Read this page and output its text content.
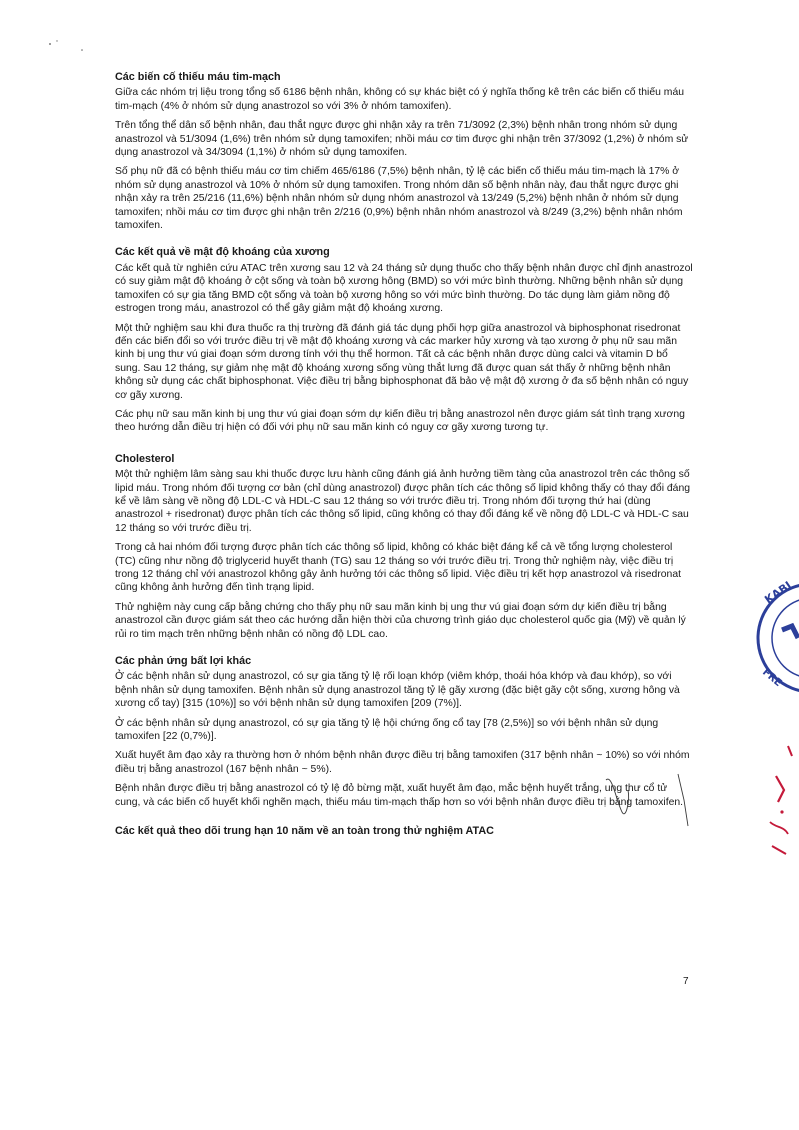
Các biến cố thiếu máu tim-mạch

Giữa các nhóm trị liệu trong tổng số 6186 bệnh nhân, không có sự khác biệt có ý nghĩa thống kê trên các biến cố thiếu máu tim-mạch (4% ở nhóm sử dụng anastrozol so với 3% ở nhóm tamoxifen).

Trên tổng thể dân số bệnh nhân, đau thắt ngực được ghi nhận xảy ra trên 71/3092 (2,3%) bệnh nhân trong nhóm sử dụng anastrozol và 51/3094 (1,6%) trên nhóm sử dụng tamoxifen; nhồi máu cơ tim được ghi nhận trên 37/3092 (1,2%) ở nhóm sử dụng anastrozol và 34/3094 (1,1%) ở nhóm sử dụng tamoxifen.

Số phụ nữ đã có bệnh thiếu máu cơ tim chiếm 465/6186 (7,5%) bệnh nhân, tỷ lệ các biến cố thiếu máu tim-mạch là 17% ở nhóm sử dụng anastrozol và 10% ở nhóm sử dụng tamoxifen. Trong nhóm dân số bệnh nhân này, đau thắt ngực được ghi nhận xảy ra trên 25/216 (11,6%) bệnh nhân nhóm sử dụng nhóm anastrozol và 13/249 (5,2%) bệnh nhân ở nhóm sử dụng tamoxifen; nhồi máu cơ tim được ghi nhận trên 2/216 (0,9%) bệnh nhân nhóm anastrozol và 8/249 (3,2%) bệnh nhân nhóm tamoxifen.

Các kết quả về mật độ khoáng của xương

Các kết quả từ nghiên cứu ATAC trên xương sau 12 và 24 tháng sử dụng thuốc cho thấy bệnh nhân được chỉ định anastrozol có suy giảm mật độ khoáng ở cột sống và toàn bộ xương hông (BMD) so với mức bình thường. Những bệnh nhân sử dụng tamoxifen có sự gia tăng BMD cột sống và toàn bộ xương hông so với mức bình thường. Do tác dụng làm giảm nồng độ estrogen trong máu, anastrozol có thể gây giảm mật độ khoáng xương.

Một thử nghiệm sau khi đưa thuốc ra thị trường đã đánh giá tác dụng phối hợp giữa anastrozol và biphosphonat risedronat đến các biến đổi so với trước điều trị về mật độ khoáng xương và các marker hủy xương và tạo xương ở phụ nữ sau mãn kinh bị ung thư vú giai đoạn sớm dương tính với thụ thể hormon. Tất cả các bệnh nhân được dùng calci và vitamin D bổ sung. Sau 12 tháng, sự giảm nhẹ mật độ khoáng xương sống vùng thắt lưng đã được quan sát thấy ở những bệnh nhân không sử dụng các chất biphosphonat. Việc điều trị bằng biphosphonat đã bảo vệ mật độ xương ở đa số bệnh nhân có nguy cơ gãy xương.

Các phụ nữ sau mãn kinh bị ung thư vú giai đoạn sớm dự kiến điều trị bằng anastrozol nên được giám sát tình trạng xương theo hướng dẫn điều trị hiện có đối với phụ nữ sau mãn kinh có nguy cơ gãy xương tương tự.

Cholesterol

Một thử nghiệm lâm sàng sau khi thuốc được lưu hành cũng đánh giá ảnh hưởng tiềm tàng của anastrozol trên các thông số lipid máu. Trong nhóm đối tượng cơ bản (chỉ dùng anastrozol) được phân tích các thông số lipid không thấy có thay đổi đáng kể về lâm sàng về nồng độ LDL-C và HDL-C sau 12 tháng so với trước điều trị. Trong nhóm đối tượng thứ hai (dùng anastrozol + risedronat) được phân tích các thông số lipid, cũng không có thay đổi đáng kể về nồng độ LDL-C và HDL-C sau 12 tháng so với trước điều trị.

Trong cả hai nhóm đối tượng được phân tích các thông số lipid, không có khác biệt đáng kể cả về tổng lượng cholesterol (TC) cũng như nồng độ triglycerid huyết thanh (TG) sau 12 tháng so với trước điều trị. Trong thử nghiệm này, việc điều trị trong 12 tháng chỉ với anastrozol không gây ảnh hưởng tới các thông số lipid. Việc điều trị kết hợp anastrozol và risedronat cũng không ảnh hưởng đến tình trạng lipid.

Thử nghiệm này cung cấp bằng chứng cho thấy phụ nữ sau mãn kinh bị ung thư vú giai đoạn sớm dự kiến điều trị bằng anastrozol cần được giám sát theo các hướng dẫn hiện thời của chương trình giáo dục cholesterol quốc gia (Mỹ) về quản lý rủi ro tim mạch trên những bệnh nhân có nồng độ LDL cao.

Các phản ứng bất lợi khác

Ở các bệnh nhân sử dụng anastrozol, có sự gia tăng tỷ lệ rối loạn khớp (viêm khớp, thoái hóa khớp và đau khớp), so với bệnh nhân sử dụng tamoxifen. Bệnh nhân sử dụng anastrozol tăng tỷ lệ gãy xương (đặc biệt gãy cột sống, xương hông và xương cổ tay) [315 (10%)] so với bệnh nhân sử dụng tamoxifen [209 (7%)].

Ở các bệnh nhân sử dụng anastrozol, có sự gia tăng tỷ lệ hội chứng ống cổ tay [78 (2,5%)] so với bệnh nhân sử dụng tamoxifen [22 (0,7%)].

Xuất huyết âm đạo xảy ra thường hơn ở nhóm bệnh nhân được điều trị bằng tamoxifen (317 bệnh nhân ~ 10%) so với nhóm điều trị bằng anastrozol (167 bệnh nhân ~ 5%).

Bệnh nhân được điều trị bằng anastrozol có tỷ lệ đỏ bừng mặt, xuất huyết âm đạo, mắc bệnh huyết trắng, ung thư cổ tử cung, và các biến cố huyết khối nghẽn mạch, thiếu máu tim-mạch thấp hơn so với bệnh nhân được điều trị bằng tamoxifen.

Các kết quả theo dõi trung hạn 10 năm về an toàn trong thử nghiệm ATAC
7
KABI
FRE
